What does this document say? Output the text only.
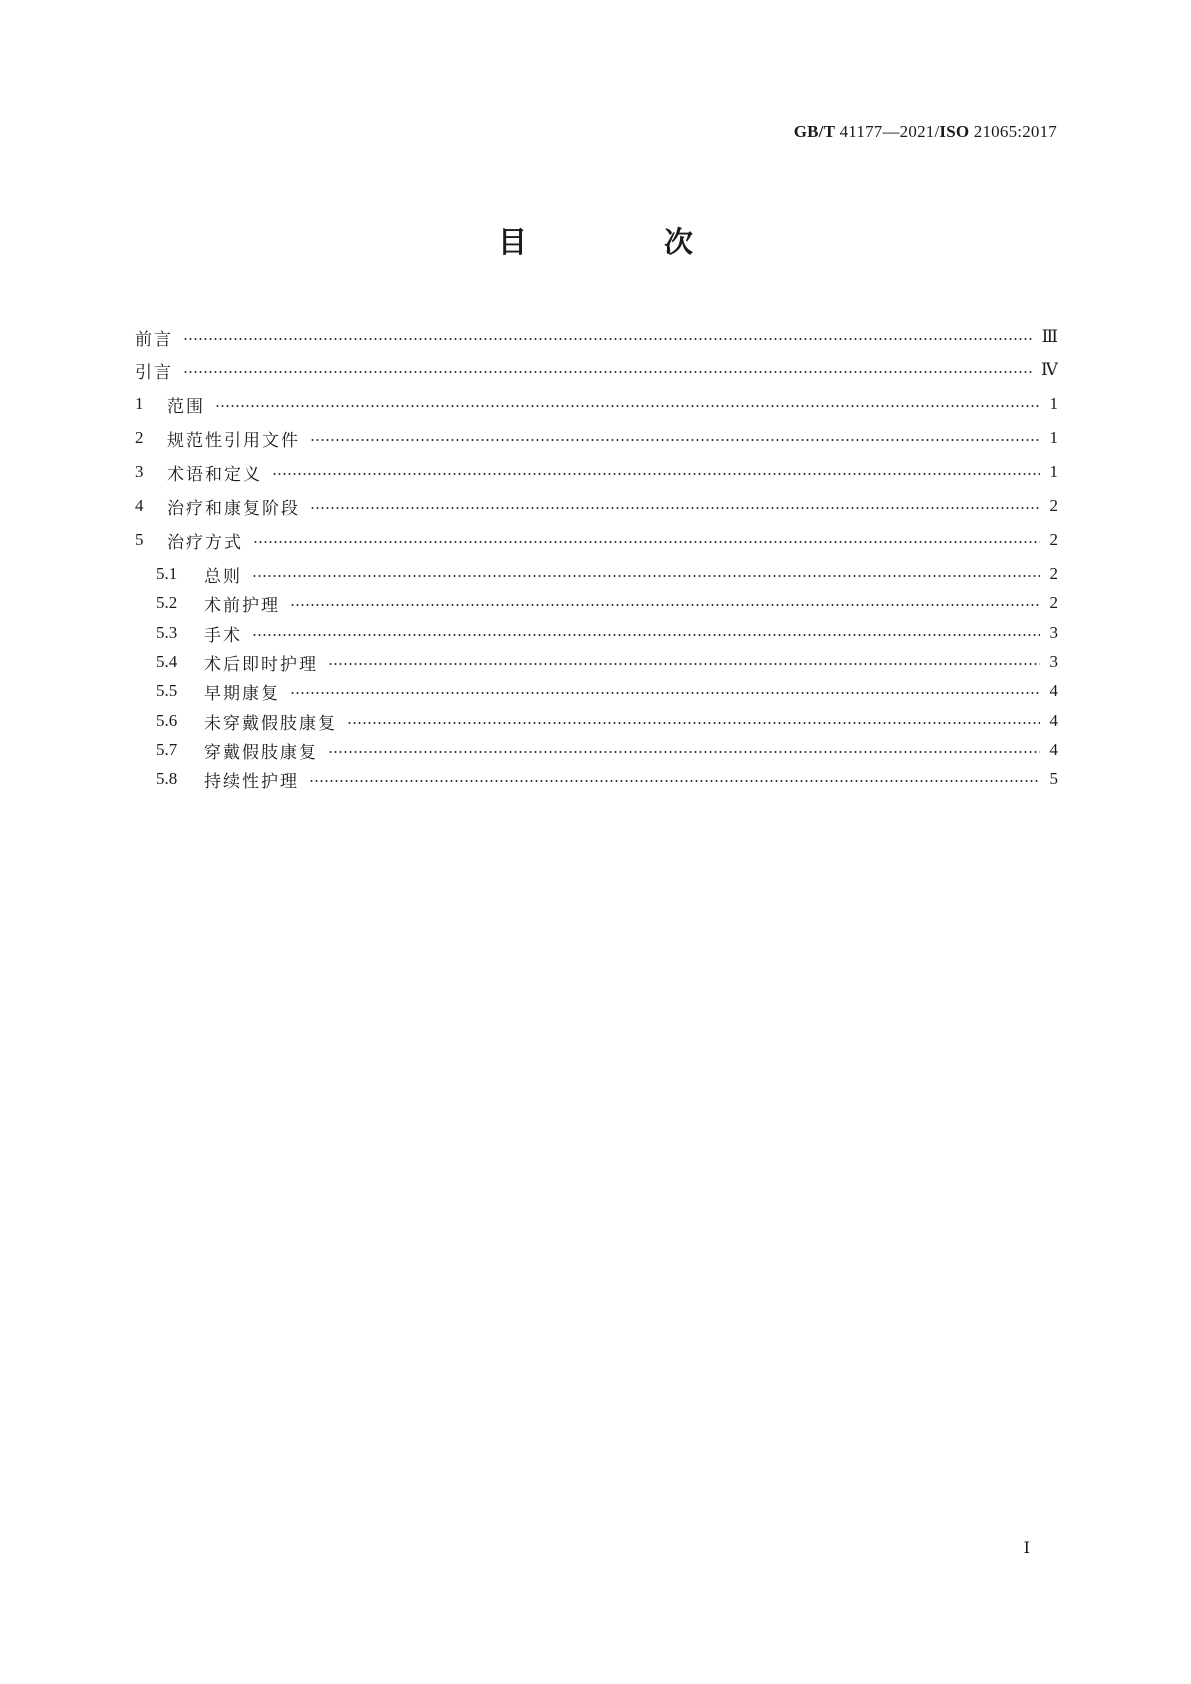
GB/T 41177—2021/ISO 21065:2017
目　次
前言	Ⅲ
引言	Ⅳ
1	范围	1
2	规范性引用文件	1
3	术语和定义	1
4	治疗和康复阶段	2
5	治疗方式	2
5.1	总则	2
5.2	术前护理	2
5.3	手术	3
5.4	术后即时护理	3
5.5	早期康复	4
5.6	未穿戴假肢康复	4
5.7	穿戴假肢康复	4
5.8	持续性护理	5
Ⅰ
